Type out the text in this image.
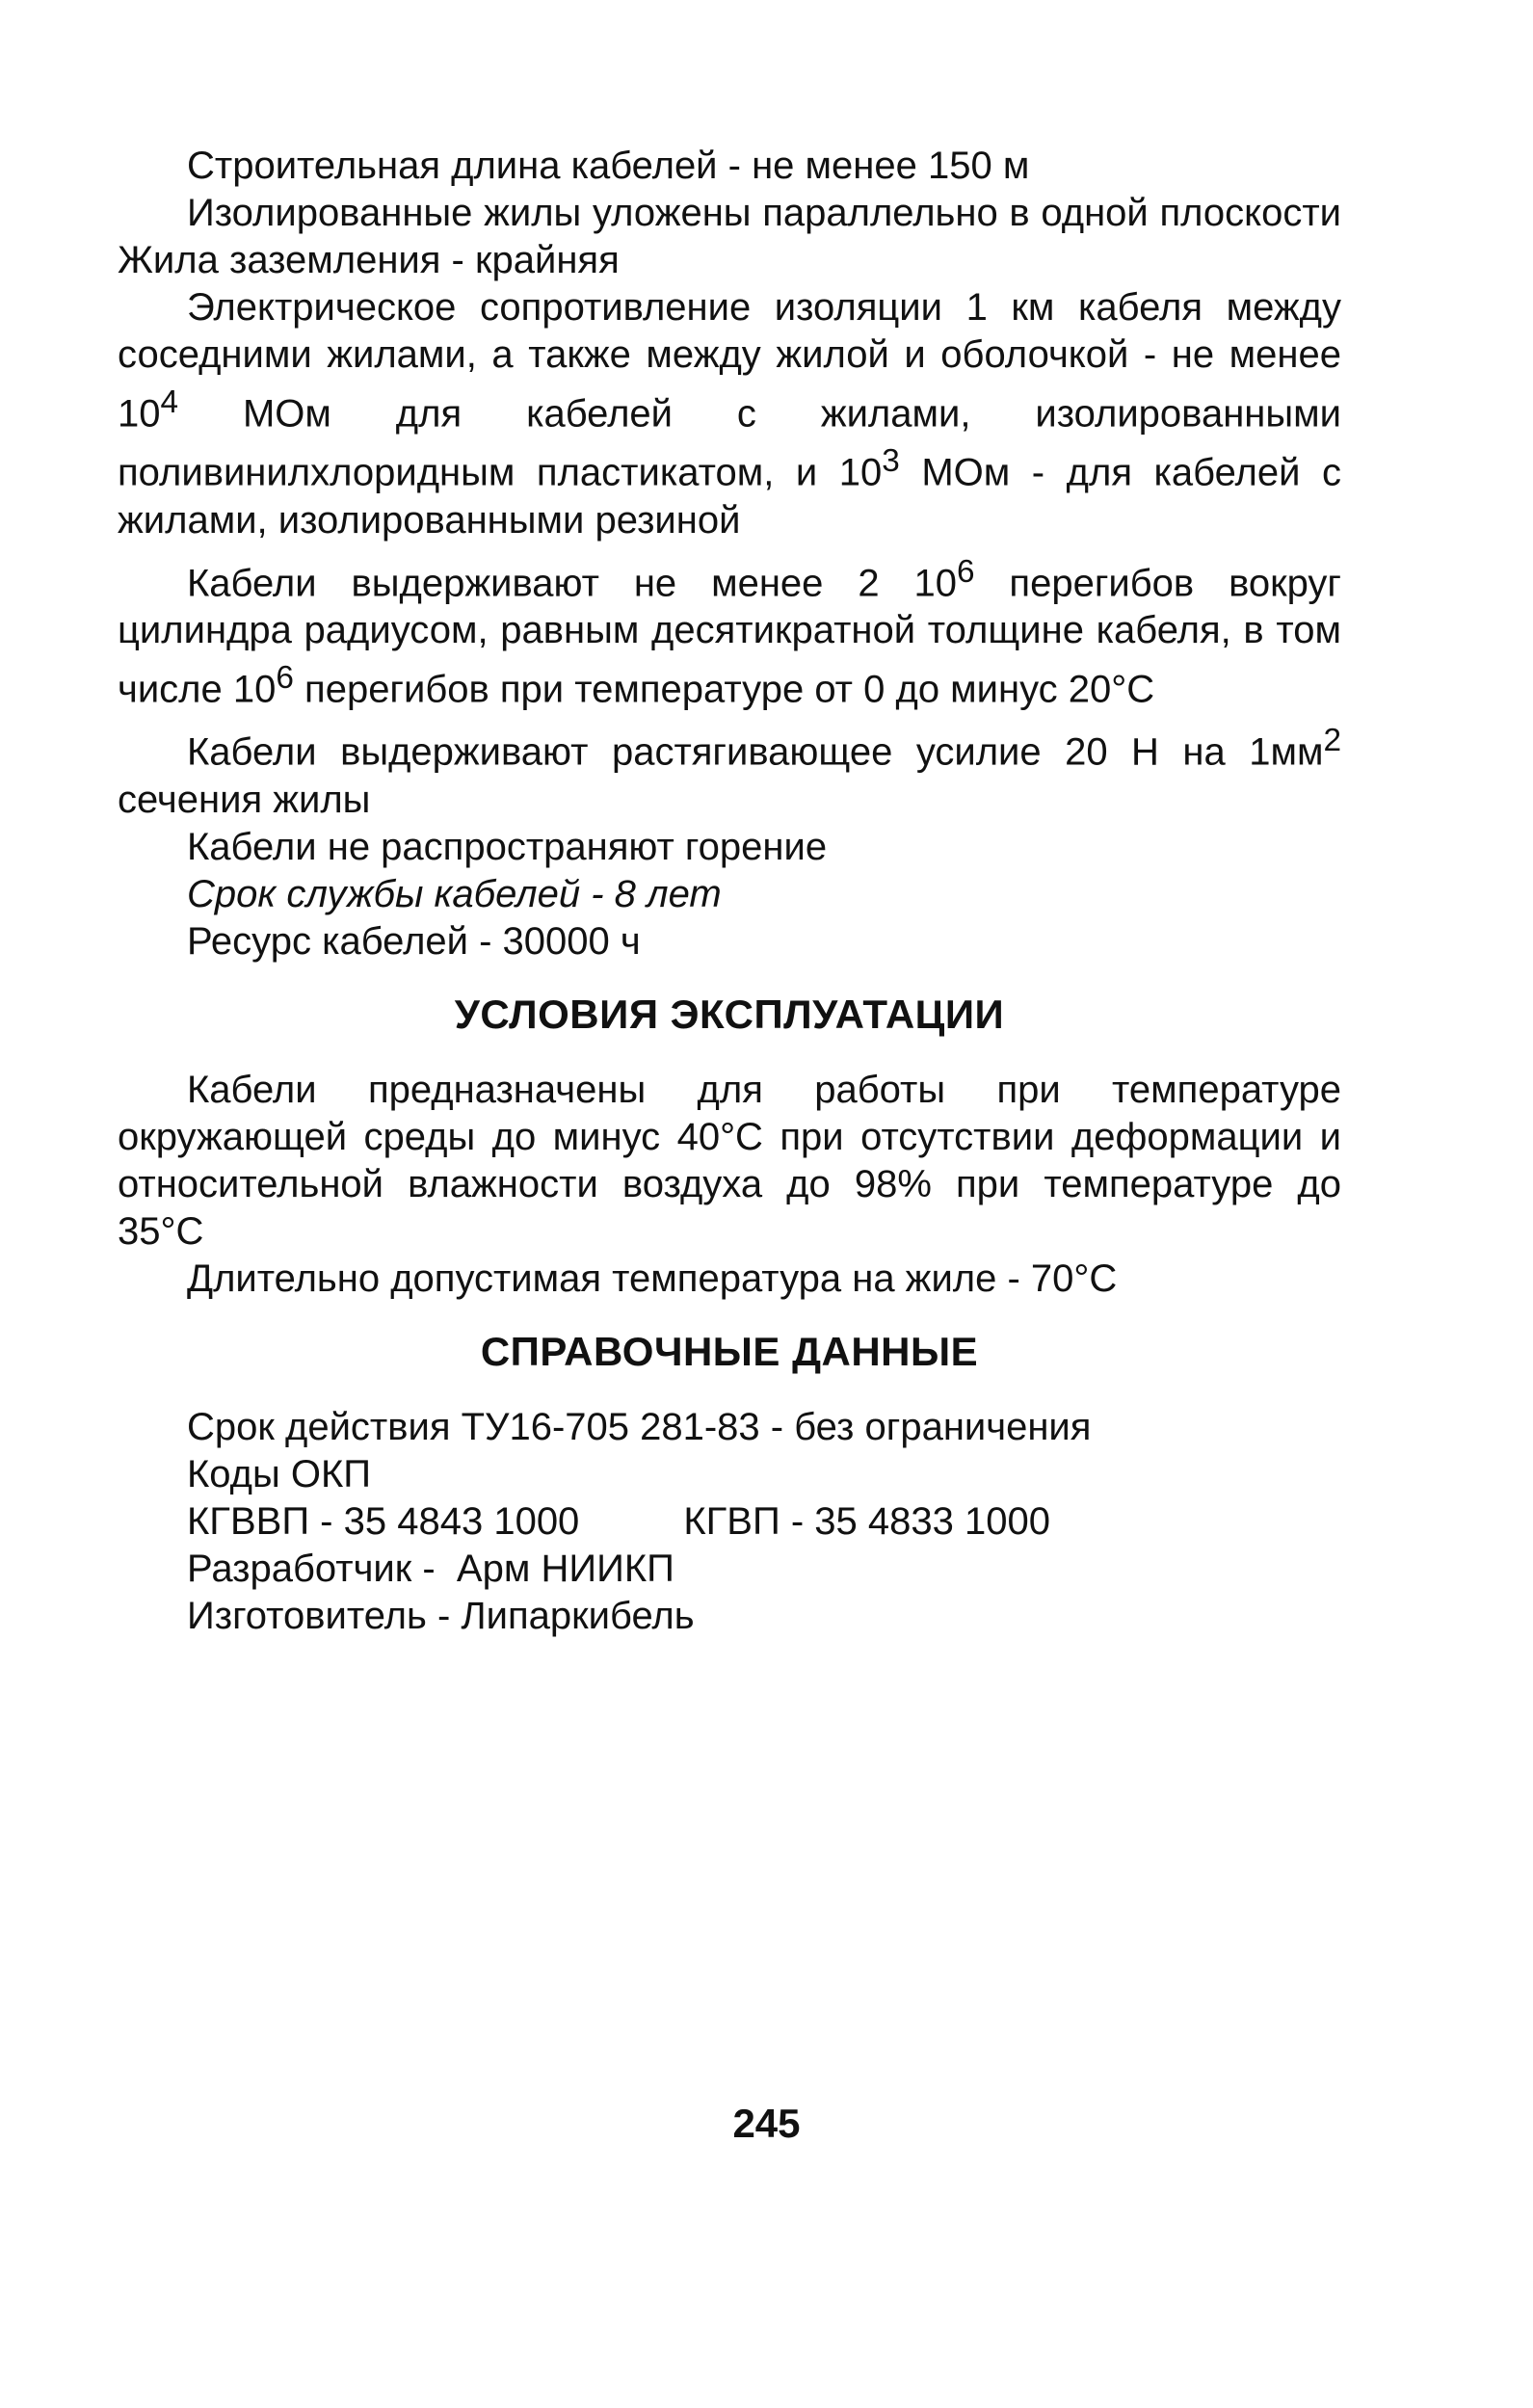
Строительная длина кабелей - не менее 150 м

Изолированные жилы уложены параллельно в одной плоскости Жила заземления - крайняя

Электрическое сопротивление изоляции 1 км кабеля между соседними жилами, а также между жилой и оболочкой - не менее $10^4$ МОм для кабелей с жилами, изолированными поливинилхлоридным пластикатом, и $10^3$ МОм - для кабелей с жилами, изолированными резиной

Кабели выдерживают не менее 2 $10^6$ перегибов вокруг цилиндра радиусом, равным десятикратной толщине кабеля, в том числе $10^6$ перегибов при температуре от 0 до минус 20°С

Кабели выдерживают растягивающее усилие 20 Н на $1мм^2$ сечения жилы

Кабели не распространяют горение

Срок службы кабелей - 8 лет

Ресурс кабелей - 30000 ч

УСЛОВИЯ ЭКСПЛУАТАЦИИ

Кабели предназначены для работы при температуре окружающей среды до минус 40°С при отсутствии деформации и относительной влажности воздуха до 98% при температуре до 35°С

Длительно допустимая температура на жиле - 70°С

СПРАВОЧНЫЕ ДАННЫЕ
Срок действия ТУ16-705 281-83 - без ограничения
Коды ОКП
КГВВП - 35 4843 1000	КГВП - 35 4833 1000
Разработчик -  Арм НИИКП
Изготовитель - Липаркибель
245
